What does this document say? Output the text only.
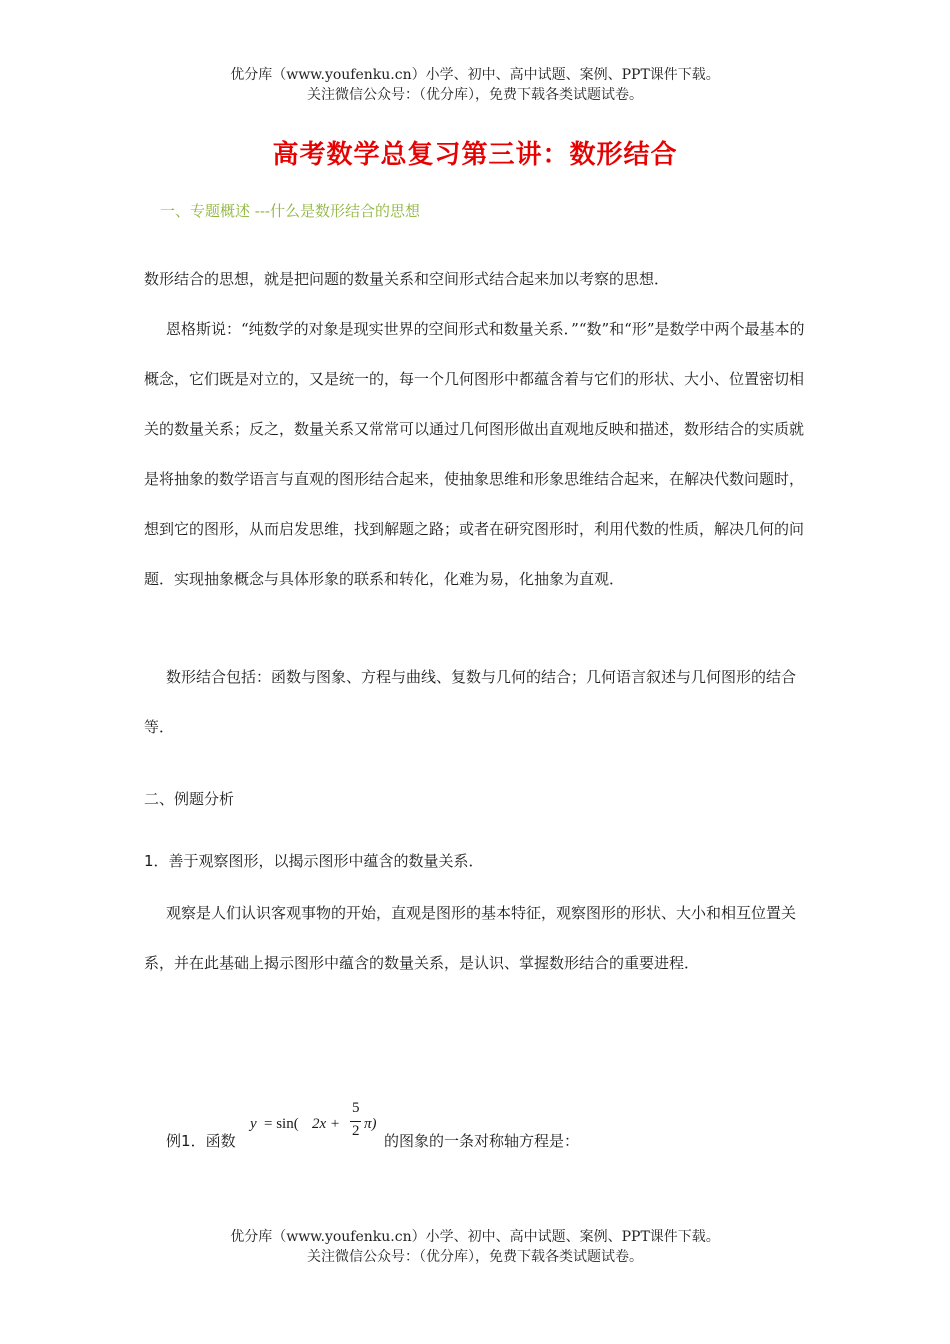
优分库（www.youfenku.cn）小学、初中、高中试题、案例、PPT课件下载。
关注微信公众号：（优分库），免费下载各类试题试卷。
高考数学总复习第三讲：数形结合
一、专题概述 ---什么是数形结合的思想

数形结合的思想，就是把问题的数量关系和空间形式结合起来加以考察的思想．

恩格斯说：“纯数学的对象是现实世界的空间形式和数量关系．”“数”和“形”是数学中两个最基本的概念，它们既是对立的，又是统一的，每一个几何图形中都蕴含着与它们的形状、大小、位置密切相关的数量关系；反之，数量关系又常常可以通过几何图形做出直观地反映和描述，数形结合的实质就是将抽象的数学语言与直观的图形结合起来，使抽象思维和形象思维结合起来，在解决代数问题时，想到它的图形，从而启发思维，找到解题之路；或者在研究图形时，利用代数的性质，解决几何的问题．实现抽象概念与具体形象的联系和转化，化难为易，化抽象为直观．

数形结合包括：函数与图象、方程与曲线、复数与几何的结合；几何语言叙述与几何图形的结合等．

二、例题分析
1．善于观察图形，以揭示图形中蕴含的数量关系．

观察是人们认识客观事物的开始，直观是图形的基本特征，观察图形的形状、大小和相互位置关系，并在此基础上揭示图形中蕴含的数量关系，是认识、掌握数形结合的重要进程．

例1．函数
y = sin( 2x +
5
2 π)
的图象的一条对称轴方程是：
优分库（www.youfenku.cn）小学、初中、高中试题、案例、PPT课件下载。
关注微信公众号：（优分库），免费下载各类试题试卷。
